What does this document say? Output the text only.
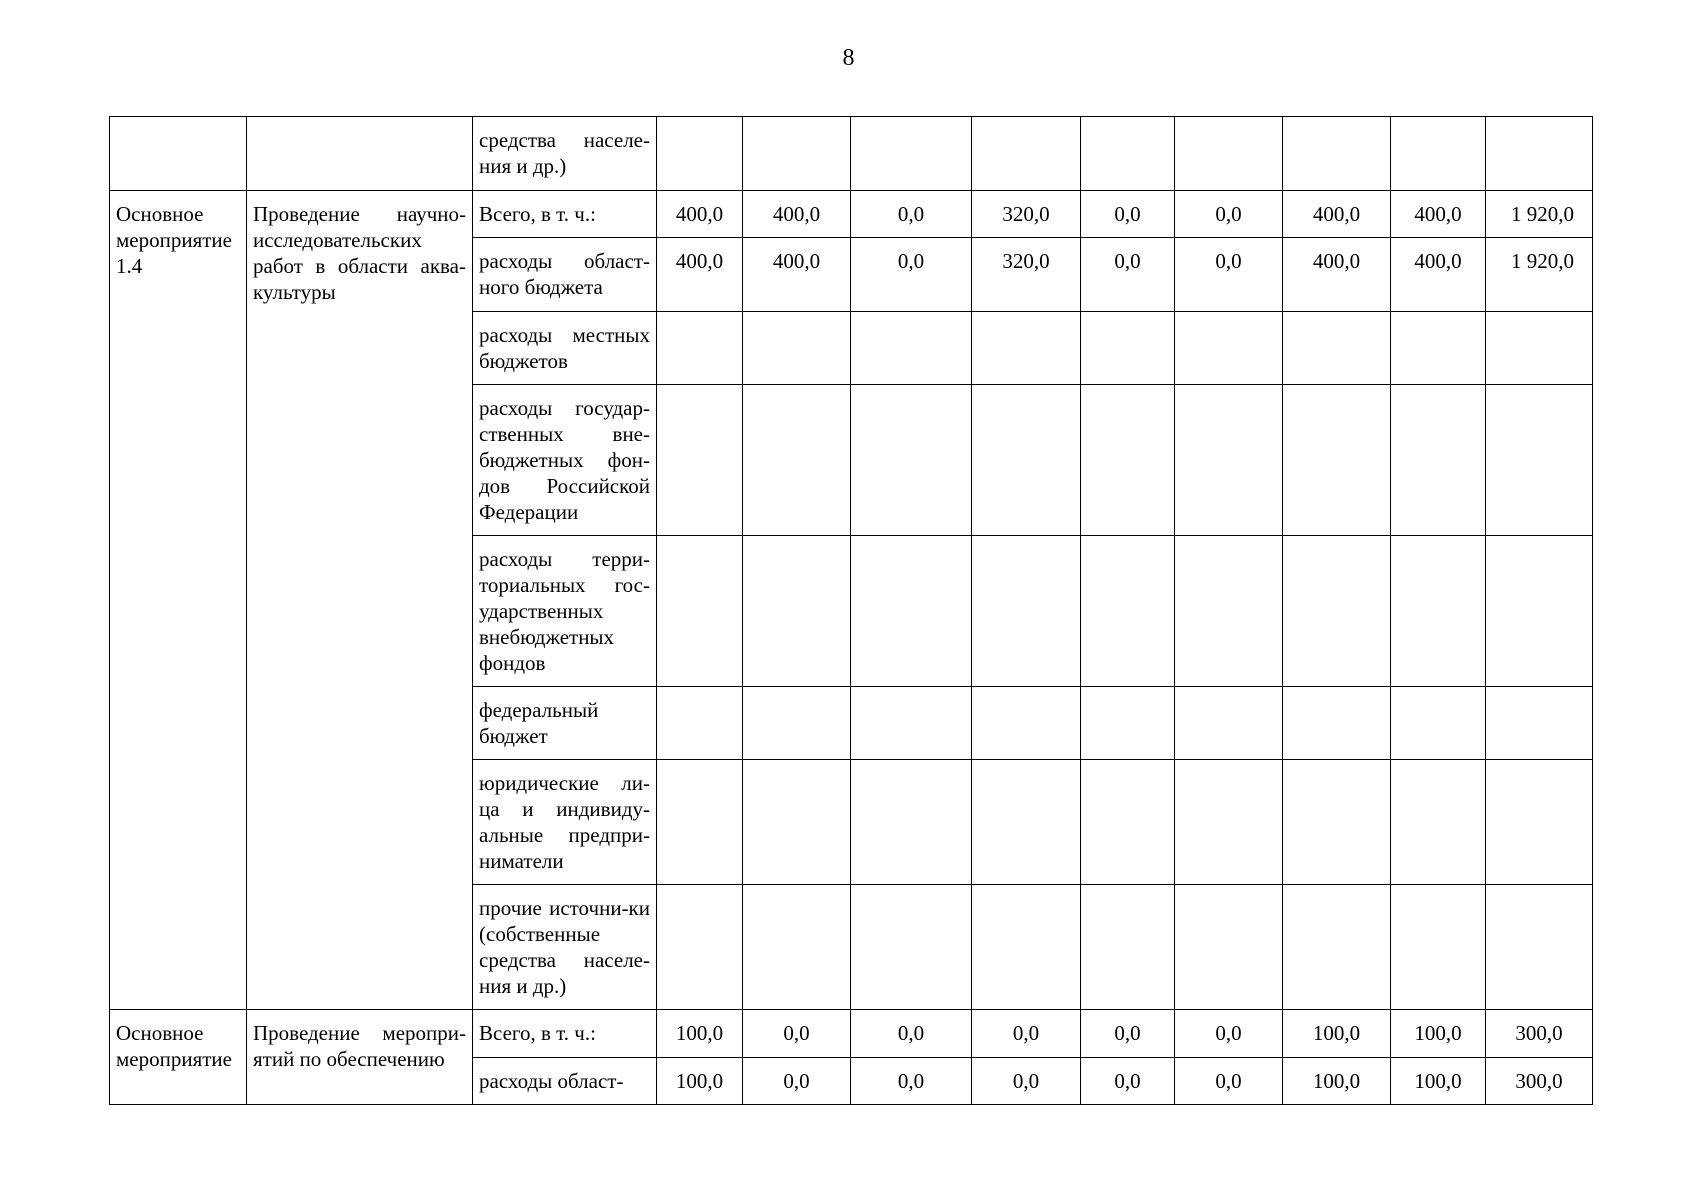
8
		средства населе-ния и др.)									
Основное мероприятие 1.4	Проведение научно-исследовательских работ в области аква-культуры	Всего, в т. ч.:	400,0	400,0	0,0	320,0	0,0	0,0	400,0	400,0	1 920,0
		расходы област-ного бюджета	400,0	400,0	0,0	320,0	0,0	0,0	400,0	400,0	1 920,0
		расходы местных бюджетов									
		расходы государ-ственных вне-бюджетных фон-дов Российской Федерации									
		расходы терри-ториальных гос-ударственных внебюджетных фондов									
		федеральный бюджет									
		юридические ли-ца и индивиду-альные предпри-ниматели									
		прочие источни-ки (собственные средства населе-ния и др.)									
Основное мероприятие	Проведение меропри-ятий по обеспечению	Всего, в т. ч.:	100,0	0,0	0,0	0,0	0,0	0,0	100,0	100,0	300,0
		расходы област-	100,0	0,0	0,0	0,0	0,0	0,0	100,0	100,0	300,0
